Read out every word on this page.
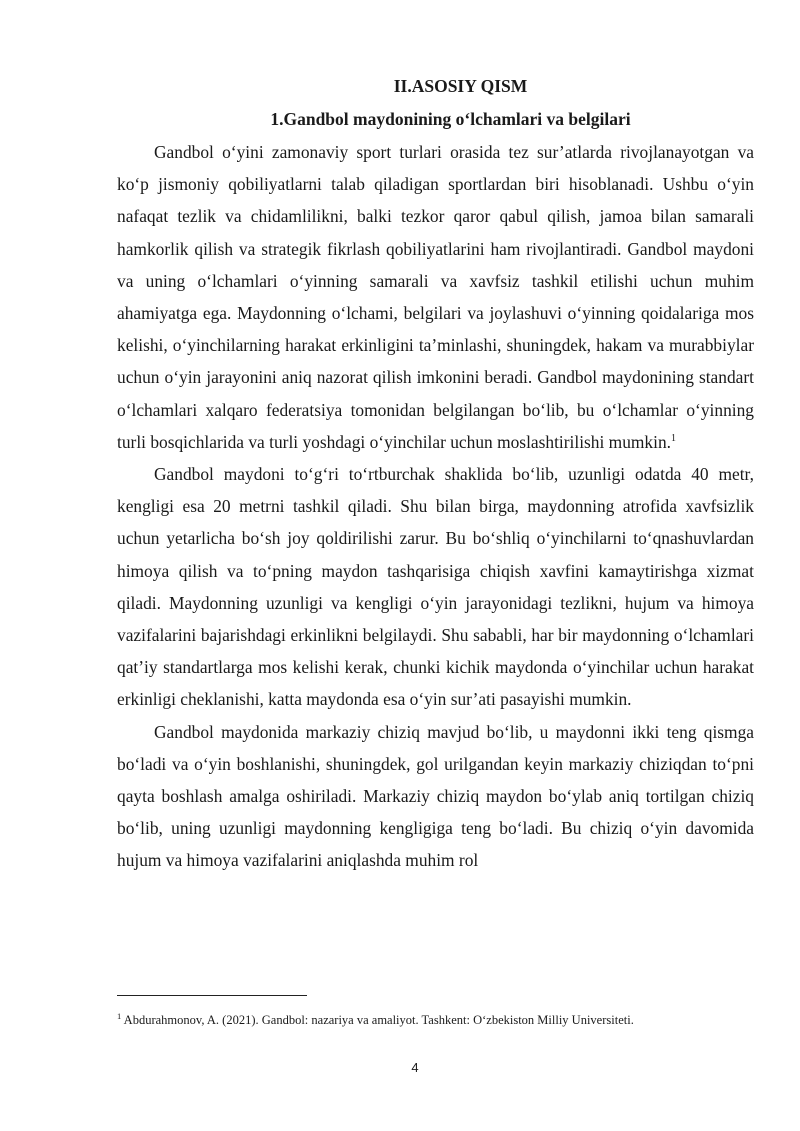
II.ASOSIY QISM
1.Gandbol maydonining o‘lchamlari va belgilari

Gandbol o‘yini zamonaviy sport turlari orasida tez sur’atlarda rivojlanayotgan va ko‘p jismoniy qobiliyatlarni talab qiladigan sportlardan biri hisoblanadi. Ushbu o‘yin nafaqat tezlik va chidamlilikni, balki tezkor qaror qabul qilish, jamoa bilan samarali hamkorlik qilish va strategik fikrlash qobiliyatlarini ham rivojlantiradi. Gandbol maydoni va uning o‘lchamlari o‘yinning samarali va xavfsiz tashkil etilishi uchun muhim ahamiyatga ega. Maydonning o‘lchami, belgilari va joylashuvi o‘yinning qoidalariga mos kelishi, o‘yinchilarning harakat erkinligini ta’minlashi, shuningdek, hakam va murabbiylar uchun o‘yin jarayonini aniq nazorat qilish imkonini beradi. Gandbol maydonining standart o‘lchamlari xalqaro federatsiya tomonidan belgilangan bo‘lib, bu o‘lchamlar o‘yinning turli bosqichlarida va turli yoshdagi o‘yinchilar uchun moslashtirilishi mumkin.$^1$

Gandbol maydoni to‘g‘ri to‘rtburchak shaklida bo‘lib, uzunligi odatda 40 metr, kengligi esa 20 metrni tashkil qiladi. Shu bilan birga, maydonning atrofida xavfsizlik uchun yetarlicha bo‘sh joy qoldirilishi zarur. Bu bo‘shliq o‘yinchilarni to‘qnashuvlardan himoya qilish va to‘pning maydon tashqarisiga chiqish xavfini kamaytirishga xizmat qiladi. Maydonning uzunligi va kengligi o‘yin jarayonidagi tezlikni, hujum va himoya vazifalarini bajarishdagi erkinlikni belgilaydi. Shu sababli, har bir maydonning o‘lchamlari qat’iy standartlarga mos kelishi kerak, chunki kichik maydonda o‘yinchilar uchun harakat erkinligi cheklanishi, katta maydonda esa o‘yin sur’ati pasayishi mumkin.

Gandbol maydonida markaziy chiziq mavjud bo‘lib, u maydonni ikki teng qismga bo‘ladi va o‘yin boshlanishi, shuningdek, gol urilgandan keyin markaziy chiziqdan to‘pni qayta boshlash amalga oshiriladi. Markaziy chiziq maydon bo‘ylab aniq tortilgan chiziq bo‘lib, uning uzunligi maydonning kengligiga teng bo‘ladi. Bu chiziq o‘yin davomida hujum va himoya vazifalarini aniqlashda muhim rol

$^1$ Abdurahmonov, A. (2021). Gandbol: nazariya va amaliyot. Tashkent: O‘zbekiston Milliy Universiteti.

4
